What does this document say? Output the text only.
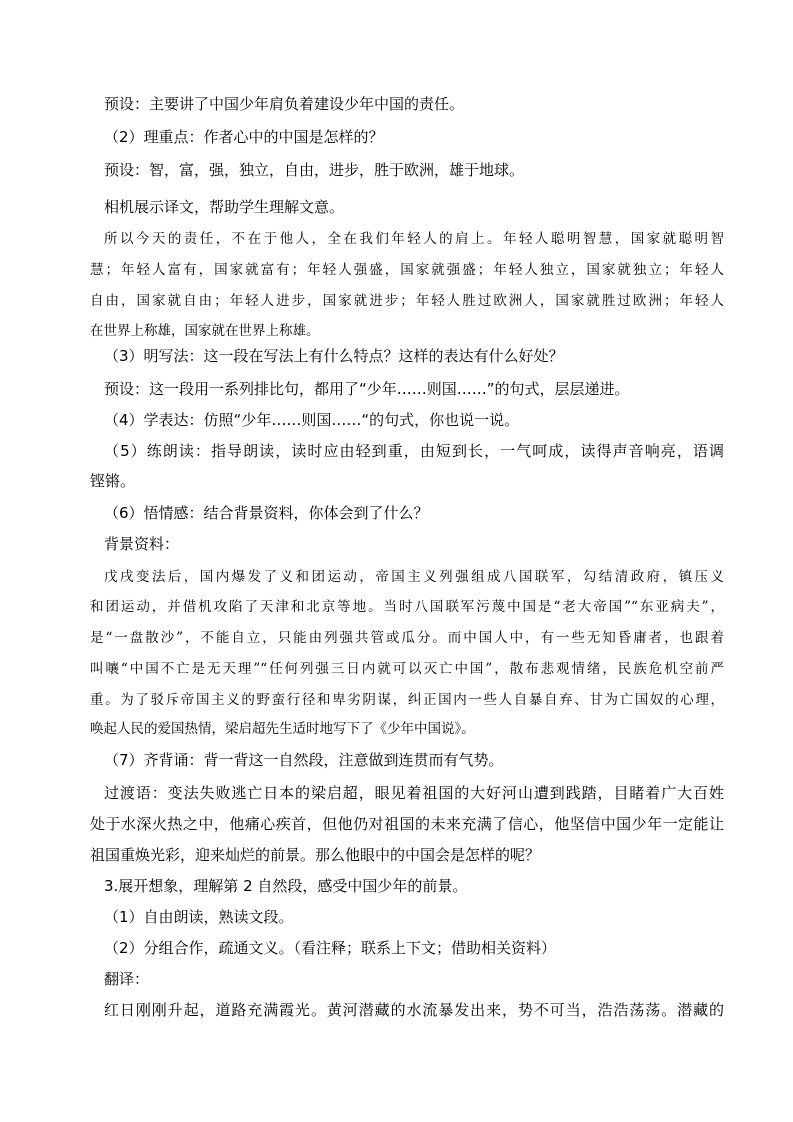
预设：主要讲了中国少年肩负着建设少年中国的责任。
（2）理重点：作者心中的中国是怎样的？
预设：智，富，强，独立，自由，进步，胜于欧洲，雄于地球。
相机展示译文，帮助学生理解文意。
所以今天的责任，不在于他人，全在我们年轻人的肩上。年轻人聪明智慧，国家就聪明智
慧；年轻人富有，国家就富有；年轻人强盛，国家就强盛；年轻人独立，国家就独立；年轻人
自由，国家就自由；年轻人进步，国家就进步；年轻人胜过欧洲人，国家就胜过欧洲；年轻人
在世界上称雄，国家就在世界上称雄。
（3）明写法：这一段在写法上有什么特点？这样的表达有什么好处？
预设：这一段用一系列排比句，都用了“少年……则国……”的句式，层层递进。
（4）学表达：仿照“少年……则国……“的句式，你也说一说。
（5）练朗读：指导朗读，读时应由轻到重，由短到长，一气呵成，读得声音响亮，语调
铿锵。
（6）悟情感：结合背景资料，你体会到了什么？
背景资料：
戊戌变法后，国内爆发了义和团运动，帝国主义列强组成八国联军，勾结清政府，镇压义
和团运动，并借机攻陷了天津和北京等地。当时八国联军污蔑中国是“老大帝国”“东亚病夫”，
是“一盘散沙”，不能自立，只能由列强共管或瓜分。而中国人中，有一些无知昏庸者，也跟着
叫嚷“中国不亡是无天理”“任何列强三日内就可以灭亡中国”，散布悲观情绪，民族危机空前严
重。为了驳斥帝国主义的野蛮行径和卑劣阴谋，纠正国内一些人自暴自弃、甘为亡国奴的心理，
唤起人民的爱国热情，梁启超先生适时地写下了《少年中国说》。
（7）齐背诵：背一背这一自然段，注意做到连贯而有气势。
过渡语：变法失败逃亡日本的梁启超，眼见着祖国的大好河山遭到践踏，目睹着广大百姓
处于水深火热之中，他痛心疾首，但他仍对祖国的未来充满了信心，他坚信中国少年一定能让
祖国重焕光彩，迎来灿烂的前景。那么他眼中的中国会是怎样的呢？
3.展开想象，理解第 2 自然段，感受中国少年的前景。
（1）自由朗读，熟读文段。
（2）分组合作，疏通文义。（看注释；联系上下文；借助相关资料）
翻译：
红日刚刚升起，道路充满霞光。黄河潜藏的水流暴发出来，势不可当，浩浩荡荡。潜藏的
